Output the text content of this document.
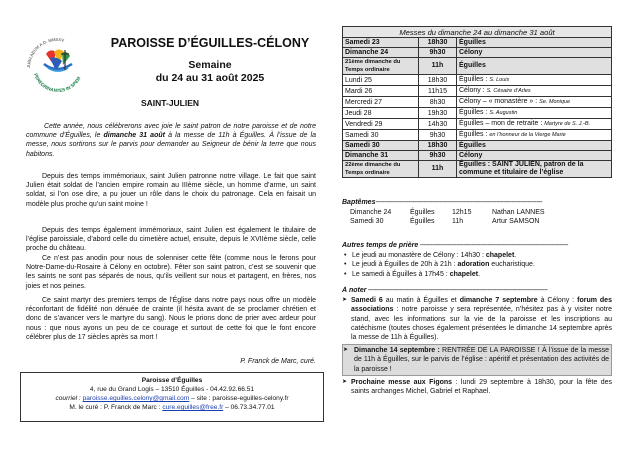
JUBILAEUM A.D. MMXXV
PEREGRINANTES IN SPEM
PAROISSE D’ÉGUILLES-CÉLONY
Semaine
du 24 au 31 août 2025
SAINT-JULIEN
Cette année, nous célébrerons avec joie le saint patron de notre paroisse et de notre commune d’Éguilles, le dimanche 31 août à la messe de 11h à Éguilles. À l’issue de la messe, nous sortirons sur le parvis pour demander au Seigneur de bénir la terre que nous habitons.
Depuis des temps immémoriaux, saint Julien patronne notre village. Le fait que saint Julien était soldat de l’ancien empire romain au IIIème siècle, un homme d’arme, un saint soldat, si l’on ose dire, a pu jouer un rôle dans le choix du patronage. Cela en faisait un modèle plus proche qu’un saint moine !
Depuis des temps également immémoriaux, saint Julien est également le titulaire de l’église paroissiale, d’abord celle du cimetière actuel, ensuite, depuis le XVIIème siècle, celle proche du château.
Ce n’est pas anodin pour nous de solenniser cette fête (comme nous le ferons pour Notre-Dame-du-Rosaire à Célony en octobre). Fêter son saint patron, c’est se souvenir que les saints ne sont pas séparés de nous, qu’ils veillent sur nous et partagent, en frères, nos joies et nos peines.
Ce saint martyr des premiers temps de l’Église dans notre pays nous offre un modèle réconfortant de fidélité non dénuée de crainte (il hésita avant de se proclamer chrétien et donc de s’avancer vers le martyre du sang). Nous le prions donc de prier avec ardeur pour nous : que nous ayons un peu de ce courage et surtout de cette foi que le font encore célébrer plus de 17 siècles après sa mort !
P. Franck de Marc, curé.
Paroisse d’Éguilles
4, rue du Grand Logis – 13510 Éguilles - 04.42.92.66.51
courriel : paroisse.eguilles.celony@gmail.com – site : paroisse-eguilles-celony.fr
M. le curé : P. Franck de Marc : cure.eguilles@free.fr – 06.73.34.77.01
Messes du dimanche 24 au dimanche 31 août		
Samedi 23	18h30	Éguilles
Dimanche 24	9h30	Célony
21ème dimanche du Temps ordinaire	11h	Éguilles
Lundi 25	18h30	Éguilles : S. Louis
Mardi 26	11h15	Célony : S. Césaire d’Arles
Mercredi 27	8h30	Célony – « monastère » : Se. Monique
Jeudi 28	19h30	Éguilles : S. Augustin
Vendredi 29	14h30	Éguilles – mon de retraite : Martyre de S. J.-B.
Samedi 30	9h30	Éguilles : en l’honneur de la Vierge Marie
Samedi 30	18h30	Éguilles
Dimanche 31	9h30	Célony
22ème dimanche du Temps ordinaire	11h	Éguilles : SAINT JULIEN, patron de la commune et titulaire de l’église
Baptêmes-------------------------------------------------------------------------------------------
Dimanche 24	Éguilles	12h15	Nathan LANNES
Samedi 30	Éguilles	11h	Artur SAMSON
Autres temps de prière ---------------------------------------------------------------------------------
• Le jeudi au monastère de Célony : 14h30 : chapelet.
• Le jeudi à Éguilles de 20h à 21h : adoration eucharistique.
• Le samedi à Éguilles à 17h45 : chapelet.
À noter --------------------------------------------------------------------------------------------------
➤ Samedi 6 au matin à Éguilles et dimanche 7 septembre à Célony : forum des associations : notre paroisse y sera représentée, n’hésitez pas à y visiter notre stand, avec les informations sur la vie de la paroisse et les inscriptions au catéchisme (toutes choses également présentées le dimanche 14 septembre après la messe de 11h à Éguilles).
➤ Dimanche 14 septembre : RENTRÉE DE LA PAROISSE ! À l’issue de la messe de 11h à Éguilles, sur le parvis de l’église : apéritif et présentation des activités de la paroisse !
➤ Prochaine messe aux Figons : lundi 29 septembre à 18h30, pour la fête des saints archanges Michel, Gabriel et Raphael.
